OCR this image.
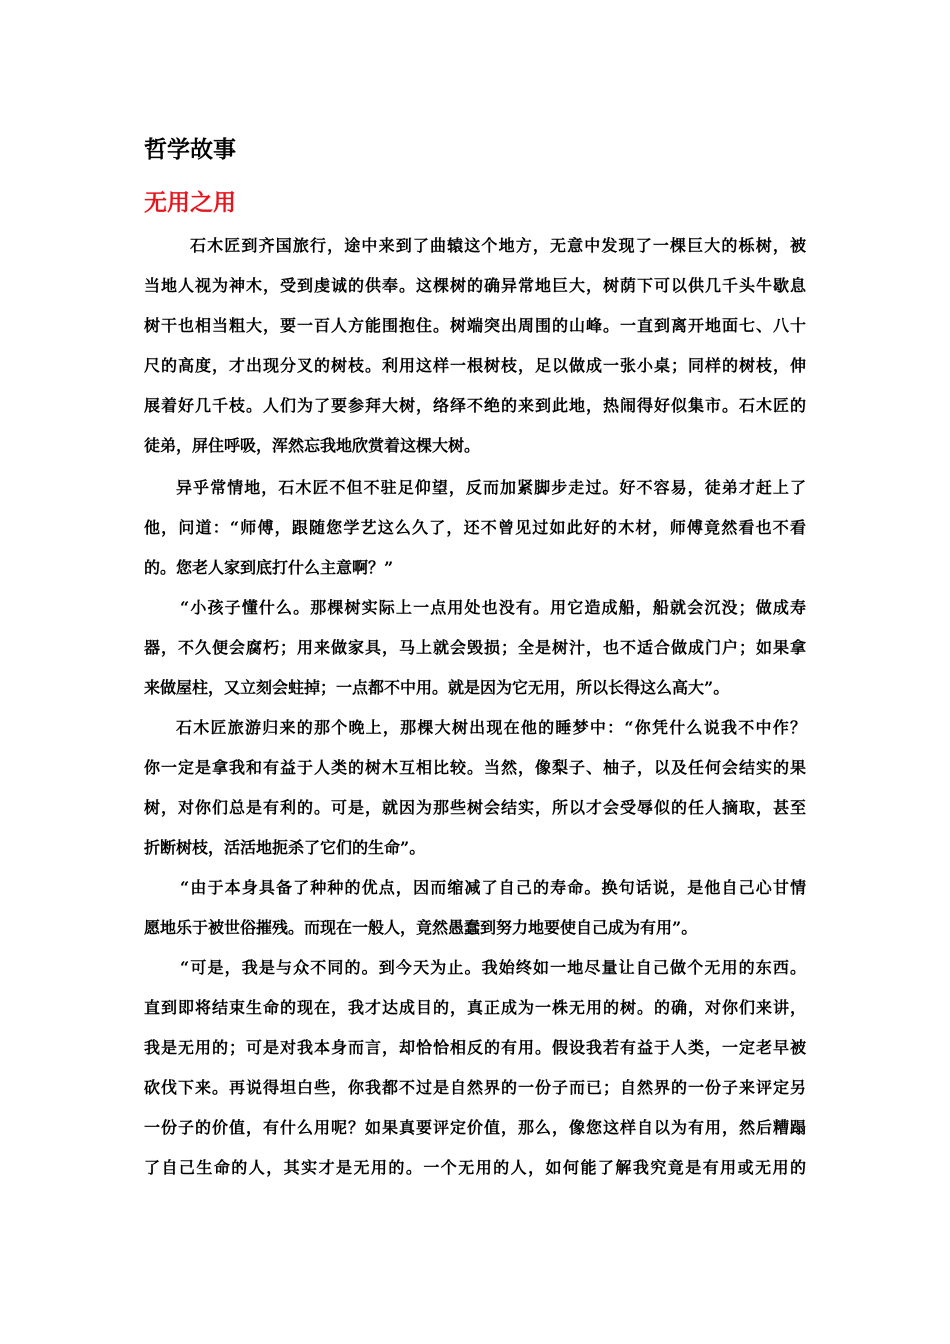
哲学故事
无用之用
石木匠到齐国旅行，途中来到了曲辕这个地方，无意中发现了一棵巨大的栎树，被
当地人视为神木，受到虔诚的供奉。这棵树的确异常地巨大，树荫下可以供几千头牛歇息
树干也相当粗大，要一百人方能围抱住。树端突出周围的山峰。一直到离开地面七、八十
尺的高度，才出现分叉的树枝。利用这样一根树枝，足以做成一张小桌；同样的树枝，伸
展着好几千枝。人们为了要参拜大树，络绎不绝的来到此地，热闹得好似集市。石木匠的
徒弟，屏住呼吸，浑然忘我地欣赏着这棵大树。
异乎常情地，石木匠不但不驻足仰望，反而加紧脚步走过。好不容易，徒弟才赶上了
他，问道：“师傅，跟随您学艺这么久了，还不曾见过如此好的木材，师傅竟然看也不看
的。您老人家到底打什么主意啊？”
“小孩子懂什么。那棵树实际上一点用处也没有。用它造成船，船就会沉没；做成寿
器，不久便会腐朽；用来做家具，马上就会毁损；全是树汁，也不适合做成门户；如果拿
来做屋柱，又立刻会蛀掉；一点都不中用。就是因为它无用，所以长得这么高大”。
石木匠旅游归来的那个晚上，那棵大树出现在他的睡梦中：“你凭什么说我不中作？
你一定是拿我和有益于人类的树木互相比较。当然，像梨子、柚子，以及任何会结实的果
树，对你们总是有利的。可是，就因为那些树会结实，所以才会受辱似的任人摘取，甚至
折断树枝，活活地扼杀了它们的生命”。
“由于本身具备了种种的优点，因而缩减了自己的寿命。换句话说，是他自己心甘情
愿地乐于被世俗摧残。而现在一般人，竟然愚蠢到努力地要使自己成为有用”。
“可是，我是与众不同的。到今天为止。我始终如一地尽量让自己做个无用的东西。
直到即将结束生命的现在，我才达成目的，真正成为一株无用的树。的确，对你们来讲，
我是无用的；可是对我本身而言，却恰恰相反的有用。假设我若有益于人类，一定老早被
砍伐下来。再说得坦白些，你我都不过是自然界的一份子而已；自然界的一份子来评定另
一份子的价值，有什么用呢？如果真要评定价值，那么，像您这样自以为有用，然后糟蹋
了自己生命的人，其实才是无用的。一个无用的人，如何能了解我究竟是有用或无用的
